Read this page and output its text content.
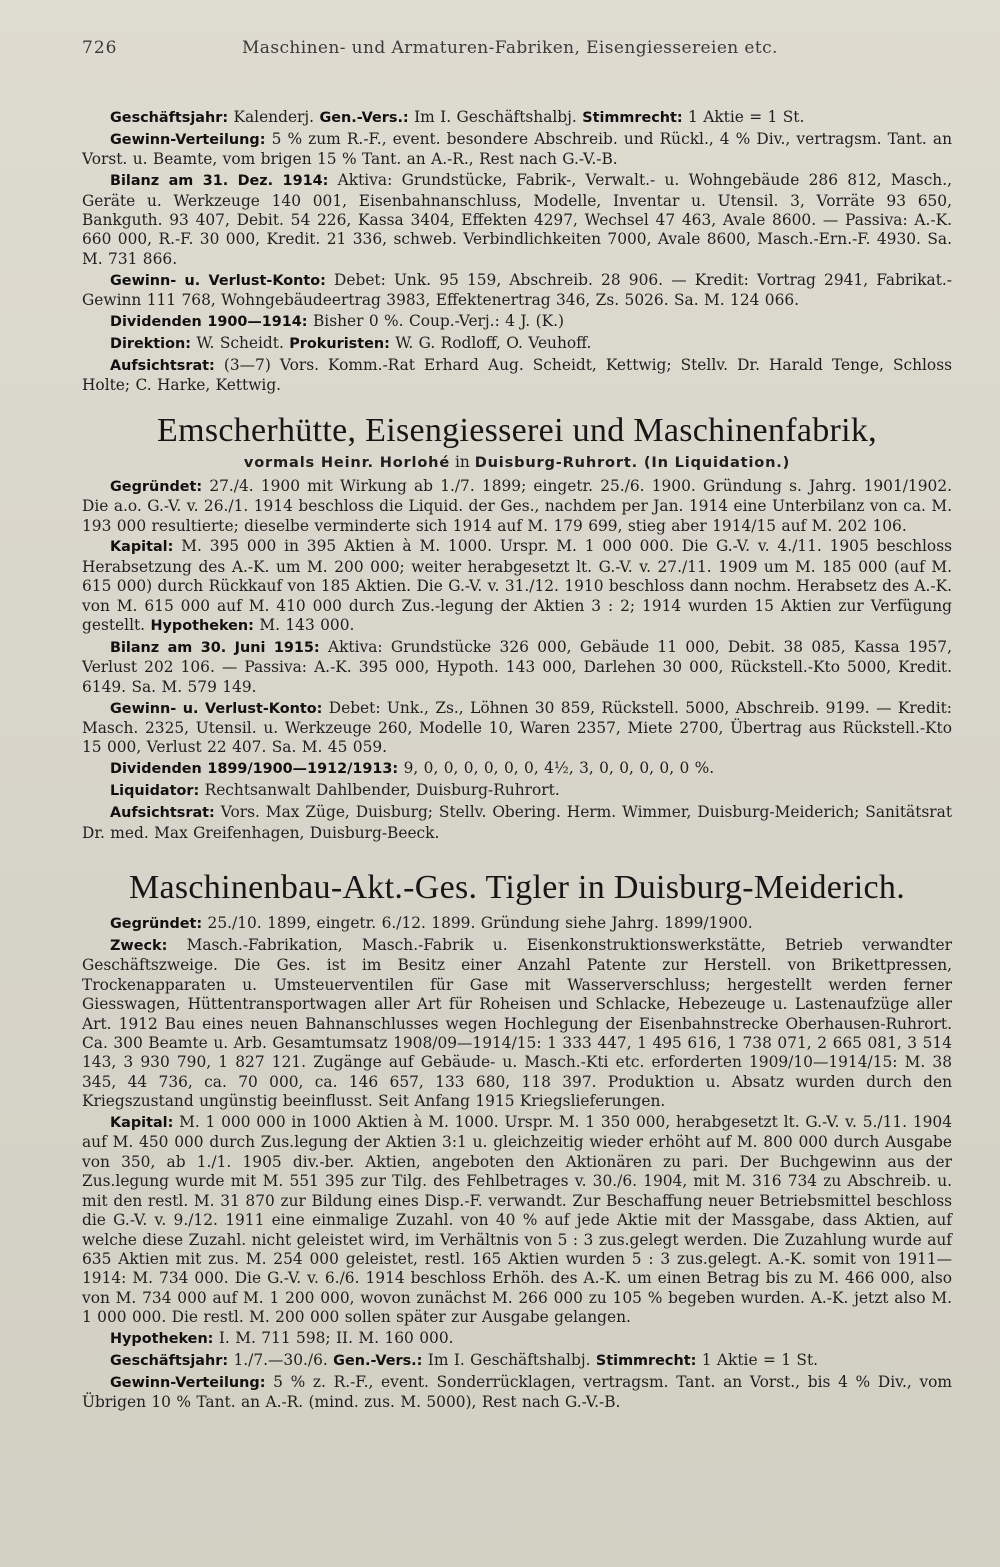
726	Maschinen- und Armaturen-Fabriken, Eisengiessereien etc.

Geschäftsjahr: Kalenderj. Gen.-Vers.: Im I. Geschäftshalbj. Stimmrecht: 1 Aktie = 1 St.

Gewinn-Verteilung: 5 % zum R.-F., event. besondere Abschreib. und Rückl., 4 % Div., vertragsm. Tant. an Vorst. u. Beamte, vom brigen 15 % Tant. an A.-R., Rest nach G.-V.-B.

Bilanz am 31. Dez. 1914: Aktiva: Grundstücke, Fabrik-, Verwalt.- u. Wohngebäude 286 812, Masch., Geräte u. Werkzeuge 140 001, Eisenbahnanschluss, Modelle, Inventar u. Utensil. 3, Vorräte 93 650, Bankguth. 93 407, Debit. 54 226, Kassa 3404, Effekten 4297, Wechsel 47 463, Avale 8600. — Passiva: A.-K. 660 000, R.-F. 30 000, Kredit. 21 336, schweb. Verbindlichkeiten 7000, Avale 8600, Masch.-Ern.-F. 4930. Sa. M. 731 866.

Gewinn- u. Verlust-Konto: Debet: Unk. 95 159, Abschreib. 28 906. — Kredit: Vortrag 2941, Fabrikat.-Gewinn 111 768, Wohngebäudeertrag 3983, Effektenertrag 346, Zs. 5026. Sa. M. 124 066.

Dividenden 1900—1914: Bisher 0 %. Coup.-Verj.: 4 J. (K.)

Direktion: W. Scheidt. Prokuristen: W. G. Rodloff, O. Veuhoff.

Aufsichtsrat: (3—7) Vors. Komm.-Rat Erhard Aug. Scheidt, Kettwig; Stellv. Dr. Harald Tenge, Schloss Holte; C. Harke, Kettwig.

Emscherhütte, Eisengiesserei und Maschinenfabrik,
vormals Heinr. Horlohé in Duisburg-Ruhrort. (In Liquidation.)

Gegründet: 27./4. 1900 mit Wirkung ab 1./7. 1899; eingetr. 25./6. 1900. Gründung s. Jahrg. 1901/1902. Die a.o. G.-V. v. 26./1. 1914 beschloss die Liquid. der Ges., nachdem per Jan. 1914 eine Unterbilanz von ca. M. 193 000 resultierte; dieselbe verminderte sich 1914 auf M. 179 699, stieg aber 1914/15 auf M. 202 106.

Kapital: M. 395 000 in 395 Aktien à M. 1000. Urspr. M. 1 000 000. Die G.-V. v. 4./11. 1905 beschloss Herabsetzung des A.-K. um M. 200 000; weiter herabgesetzt lt. G.-V. v. 27./11. 1909 um M. 185 000 (auf M. 615 000) durch Rückkauf von 185 Aktien. Die G.-V. v. 31./12. 1910 beschloss dann nochm. Herabsetz des A.-K. von M. 615 000 auf M. 410 000 durch Zus.-legung der Aktien 3 : 2; 1914 wurden 15 Aktien zur Verfügung gestellt. Hypotheken: M. 143 000.

Bilanz am 30. Juni 1915: Aktiva: Grundstücke 326 000, Gebäude 11 000, Debit. 38 085, Kassa 1957, Verlust 202 106. — Passiva: A.-K. 395 000, Hypoth. 143 000, Darlehen 30 000, Rückstell.-Kto 5000, Kredit. 6149. Sa. M. 579 149.

Gewinn- u. Verlust-Konto: Debet: Unk., Zs., Löhnen 30 859, Rückstell. 5000, Abschreib. 9199. — Kredit: Masch. 2325, Utensil. u. Werkzeuge 260, Modelle 10, Waren 2357, Miete 2700, Übertrag aus Rückstell.-Kto 15 000, Verlust 22 407. Sa. M. 45 059.

Dividenden 1899/1900—1912/1913: 9, 0, 0, 0, 0, 0, 0, 4½, 3, 0, 0, 0, 0, 0 %.

Liquidator: Rechtsanwalt Dahlbender, Duisburg-Ruhrort.

Aufsichtsrat: Vors. Max Züge, Duisburg; Stellv. Obering. Herm. Wimmer, Duisburg-Meiderich; Sanitätsrat Dr. med. Max Greifenhagen, Duisburg-Beeck.

Maschinenbau-Akt.-Ges. Tigler in Duisburg-Meiderich.

Gegründet: 25./10. 1899, eingetr. 6./12. 1899. Gründung siehe Jahrg. 1899/1900.

Zweck: Masch.-Fabrikation, Masch.-Fabrik u. Eisenkonstruktionswerkstätte, Betrieb verwandter Geschäftszweige. Die Ges. ist im Besitz einer Anzahl Patente zur Herstell. von Brikettpressen, Trockenapparaten u. Umsteuerventilen für Gase mit Wasserverschluss; hergestellt werden ferner Giesswagen, Hüttentransportwagen aller Art für Roheisen und Schlacke, Hebezeuge u. Lastenaufzüge aller Art. 1912 Bau eines neuen Bahnanschlusses wegen Hochlegung der Eisenbahnstrecke Oberhausen-Ruhrort. Ca. 300 Beamte u. Arb. Gesamtumsatz 1908/09—1914/15: 1 333 447, 1 495 616, 1 738 071, 2 665 081, 3 514 143, 3 930 790, 1 827 121. Zugänge auf Gebäude- u. Masch.-Kti etc. erforderten 1909/10—1914/15: M. 38 345, 44 736, ca. 70 000, ca. 146 657, 133 680, 118 397. Produktion u. Absatz wurden durch den Kriegszustand ungünstig beeinflusst. Seit Anfang 1915 Kriegslieferungen.

Kapital: M. 1 000 000 in 1000 Aktien à M. 1000. Urspr. M. 1 350 000, herabgesetzt lt. G.-V. v. 5./11. 1904 auf M. 450 000 durch Zus.legung der Aktien 3:1 u. gleichzeitig wieder erhöht auf M. 800 000 durch Ausgabe von 350, ab 1./1. 1905 div.-ber. Aktien, angeboten den Aktionären zu pari. Der Buchgewinn aus der Zus.legung wurde mit M. 551 395 zur Tilg. des Fehlbetrages v. 30./6. 1904, mit M. 316 734 zu Abschreib. u. mit den restl. M. 31 870 zur Bildung eines Disp.-F. verwandt. Zur Beschaffung neuer Betriebsmittel beschloss die G.-V. v. 9./12. 1911 eine einmalige Zuzahl. von 40 % auf jede Aktie mit der Massgabe, dass Aktien, auf welche diese Zuzahl. nicht geleistet wird, im Verhältnis von 5 : 3 zus.gelegt werden. Die Zuzahlung wurde auf 635 Aktien mit zus. M. 254 000 geleistet, restl. 165 Aktien wurden 5 : 3 zus.gelegt. A.-K. somit von 1911—1914: M. 734 000. Die G.-V. v. 6./6. 1914 beschloss Erhöh. des A.-K. um einen Betrag bis zu M. 466 000, also von M. 734 000 auf M. 1 200 000, wovon zunächst M. 266 000 zu 105 % begeben wurden. A.-K. jetzt also M. 1 000 000. Die restl. M. 200 000 sollen später zur Ausgabe gelangen.

Hypotheken: I. M. 711 598; II. M. 160 000.

Geschäftsjahr: 1./7.—30./6. Gen.-Vers.: Im I. Geschäftshalbj. Stimmrecht: 1 Aktie = 1 St.

Gewinn-Verteilung: 5 % z. R.-F., event. Sonderrücklagen, vertragsm. Tant. an Vorst., bis 4 % Div., vom Übrigen 10 % Tant. an A.-R. (mind. zus. M. 5000), Rest nach G.-V.-B.
